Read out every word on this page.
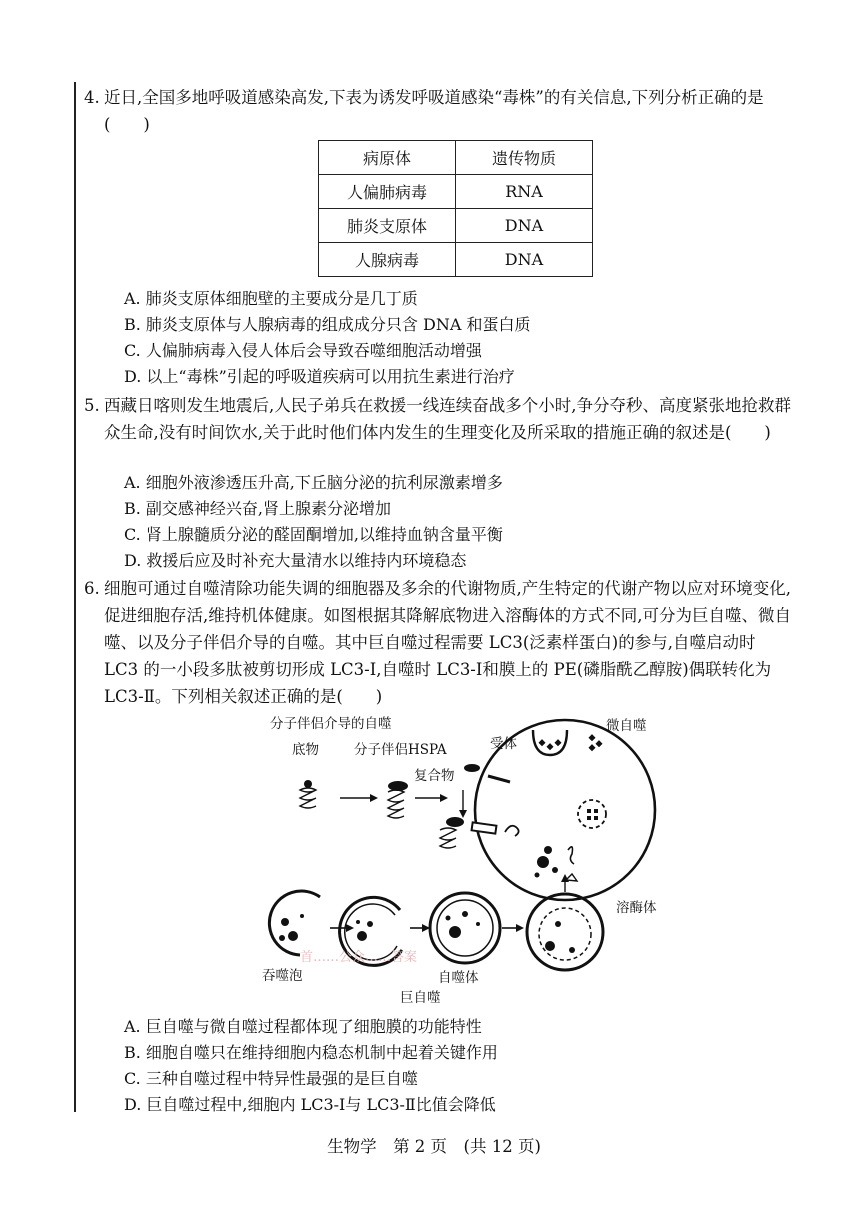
4. 近日,全国多地呼吸道感染高发,下表为诱发呼吸道感染“毒株”的有关信息,下列分析正确的是(　　)
病原体	遗传物质
人偏肺病毒	RNA
肺炎支原体	DNA
人腺病毒	DNA
A. 肺炎支原体细胞壁的主要成分是几丁质
B. 肺炎支原体与人腺病毒的组成成分只含 DNA 和蛋白质
C. 人偏肺病毒入侵人体后会导致吞噬细胞活动增强
D. 以上“毒株”引起的呼吸道疾病可以用抗生素进行治疗
5. 西藏日喀则发生地震后,人民子弟兵在救援一线连续奋战多个小时,争分夺秒、高度紧张地抢救群众生命,没有时间饮水,关于此时他们体内发生的生理变化及所采取的措施正确的叙述是(　　)
A. 细胞外液渗透压升高,下丘脑分泌的抗利尿激素增多
B. 副交感神经兴奋,肾上腺素分泌增加
C. 肾上腺髓质分泌的醛固酮增加,以维持血钠含量平衡
D. 救援后应及时补充大量清水以维持内环境稳态
6. 细胞可通过自噬清除功能失调的细胞器及多余的代谢物质,产生特定的代谢产物以应对环境变化,促进细胞存活,维持机体健康。如图根据其降解底物进入溶酶体的方式不同,可分为巨自噬、微自噬、以及分子伴侣介导的自噬。其中巨自噬过程需要 LC3(泛素样蛋白)的参与,自噬启动时 LC3 的一小段多肽被剪切形成 LC3-Ⅰ,自噬时 LC3-Ⅰ和膜上的 PE(磷脂酰乙醇胺)偶联转化为 LC3-Ⅱ。下列相关叙述正确的是(　　)
分子伴侣介导的自噬
底物	分子伴侣HSPA	受体
复合物
微自噬
溶酶体
吞噬泡	自噬体
巨自噬
首……公众……答案
A. 巨自噬与微自噬过程都体现了细胞膜的功能特性
B. 细胞自噬只在维持细胞内稳态机制中起着关键作用
C. 三种自噬过程中特异性最强的是巨自噬
D. 巨自噬过程中,细胞内 LC3-Ⅰ与 LC3-Ⅱ比值会降低
生物学　第 2 页　(共 12 页)
